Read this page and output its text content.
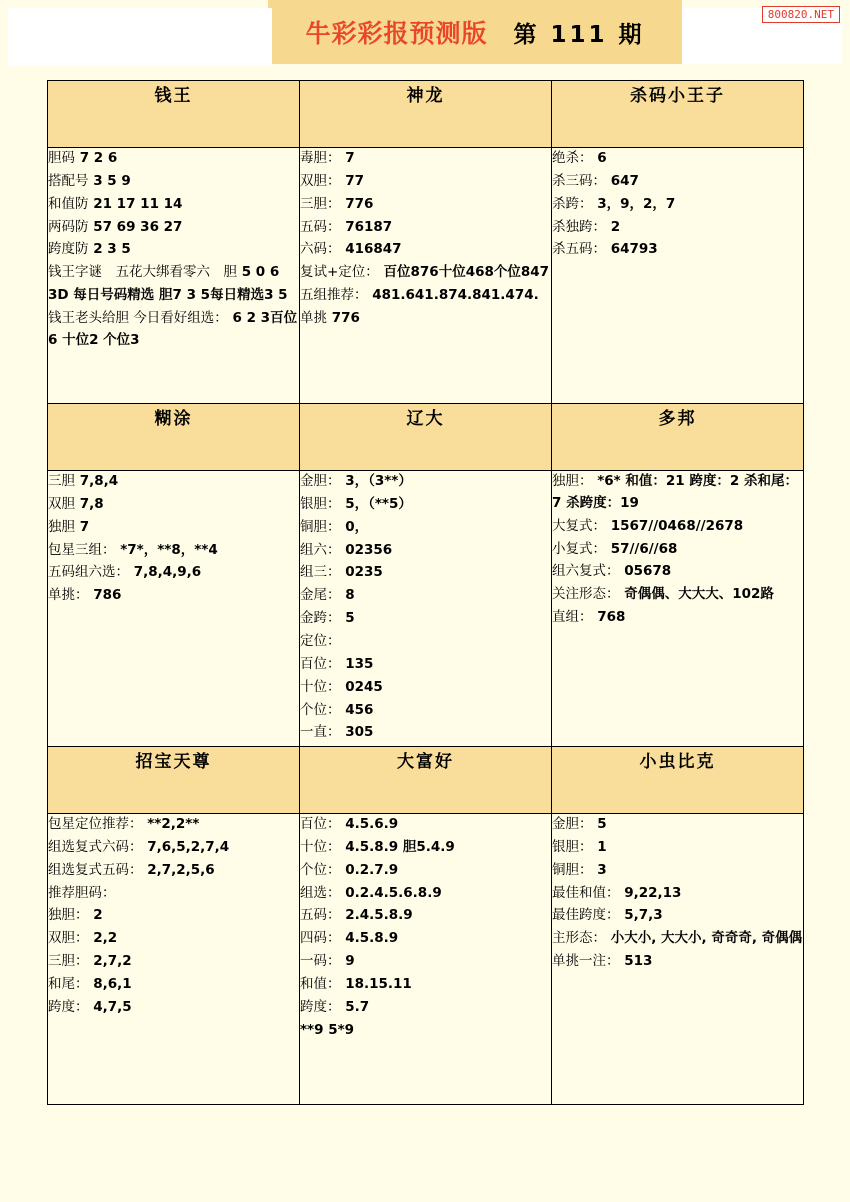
牛彩彩报预测版 第 111 期
800820.NET
钱王	神龙	杀码小王子

胆码 7 2 6
搭配号 3 5 9
和值防 21 17 11 14
两码防 57 69 36 27
跨度防 2 3 5
钱王字谜　五花大绑看零六　胆 5 0 6
3D 每日号码精选 胆7 3 5每日精选3 5
钱王老头给胆 今日看好组选： 6 2 3百位6 十位2 个位3

毒胆： 7
双胆： 77
三胆： 776
五码： 76187
六码： 416847
复试+定位： 百位876十位468个位847
五组推荐： 481.641.874.841.474.
单挑 776

绝杀： 6
杀三码： 647
杀跨： 3，9，2，7
杀独跨： 2
杀五码： 64793

糊涂	辽大	多邦

三胆 7,8,4
双胆 7,8
独胆 7
包星三组： *7*，**8，**4
五码组六选： 7,8,4,9,6
单挑： 786

金胆： 3，（3**）
银胆： 5，（**5）
铜胆： 0，
组六： 02356
组三： 0235
金尾： 8
金跨： 5
定位：
百位： 135
十位： 0245
个位： 456
一直： 305

独胆： *6* 和值：21 跨度：2 杀和尾：7 杀跨度：19
大复式： 1567//0468//2678
小复式： 57//6//68
组六复式： 05678
关注形态： 奇偶偶、大大大、102路
直组： 768

招宝天尊	大富好	小虫比克

包星定位推荐： **2,2**
组选复式六码： 7,6,5,2,7,4
组选复式五码： 2,7,2,5,6
推荐胆码：
独胆： 2
双胆： 2,2
三胆： 2,7,2
和尾： 8,6,1
跨度： 4,7,5

百位： 4.5.6.9
十位： 4.5.8.9 胆5.4.9
个位： 0.2.7.9
组选： 0.2.4.5.6.8.9
五码： 2.4.5.8.9
四码： 4.5.8.9
一码： 9
和值： 18.15.11
跨度： 5.7
**9 5*9

金胆： 5
银胆： 1
铜胆： 3
最佳和值： 9,22,13
最佳跨度： 5,7,3
主形态： 小大小, 大大小, 奇奇奇, 奇偶偶
单挑一注： 513
